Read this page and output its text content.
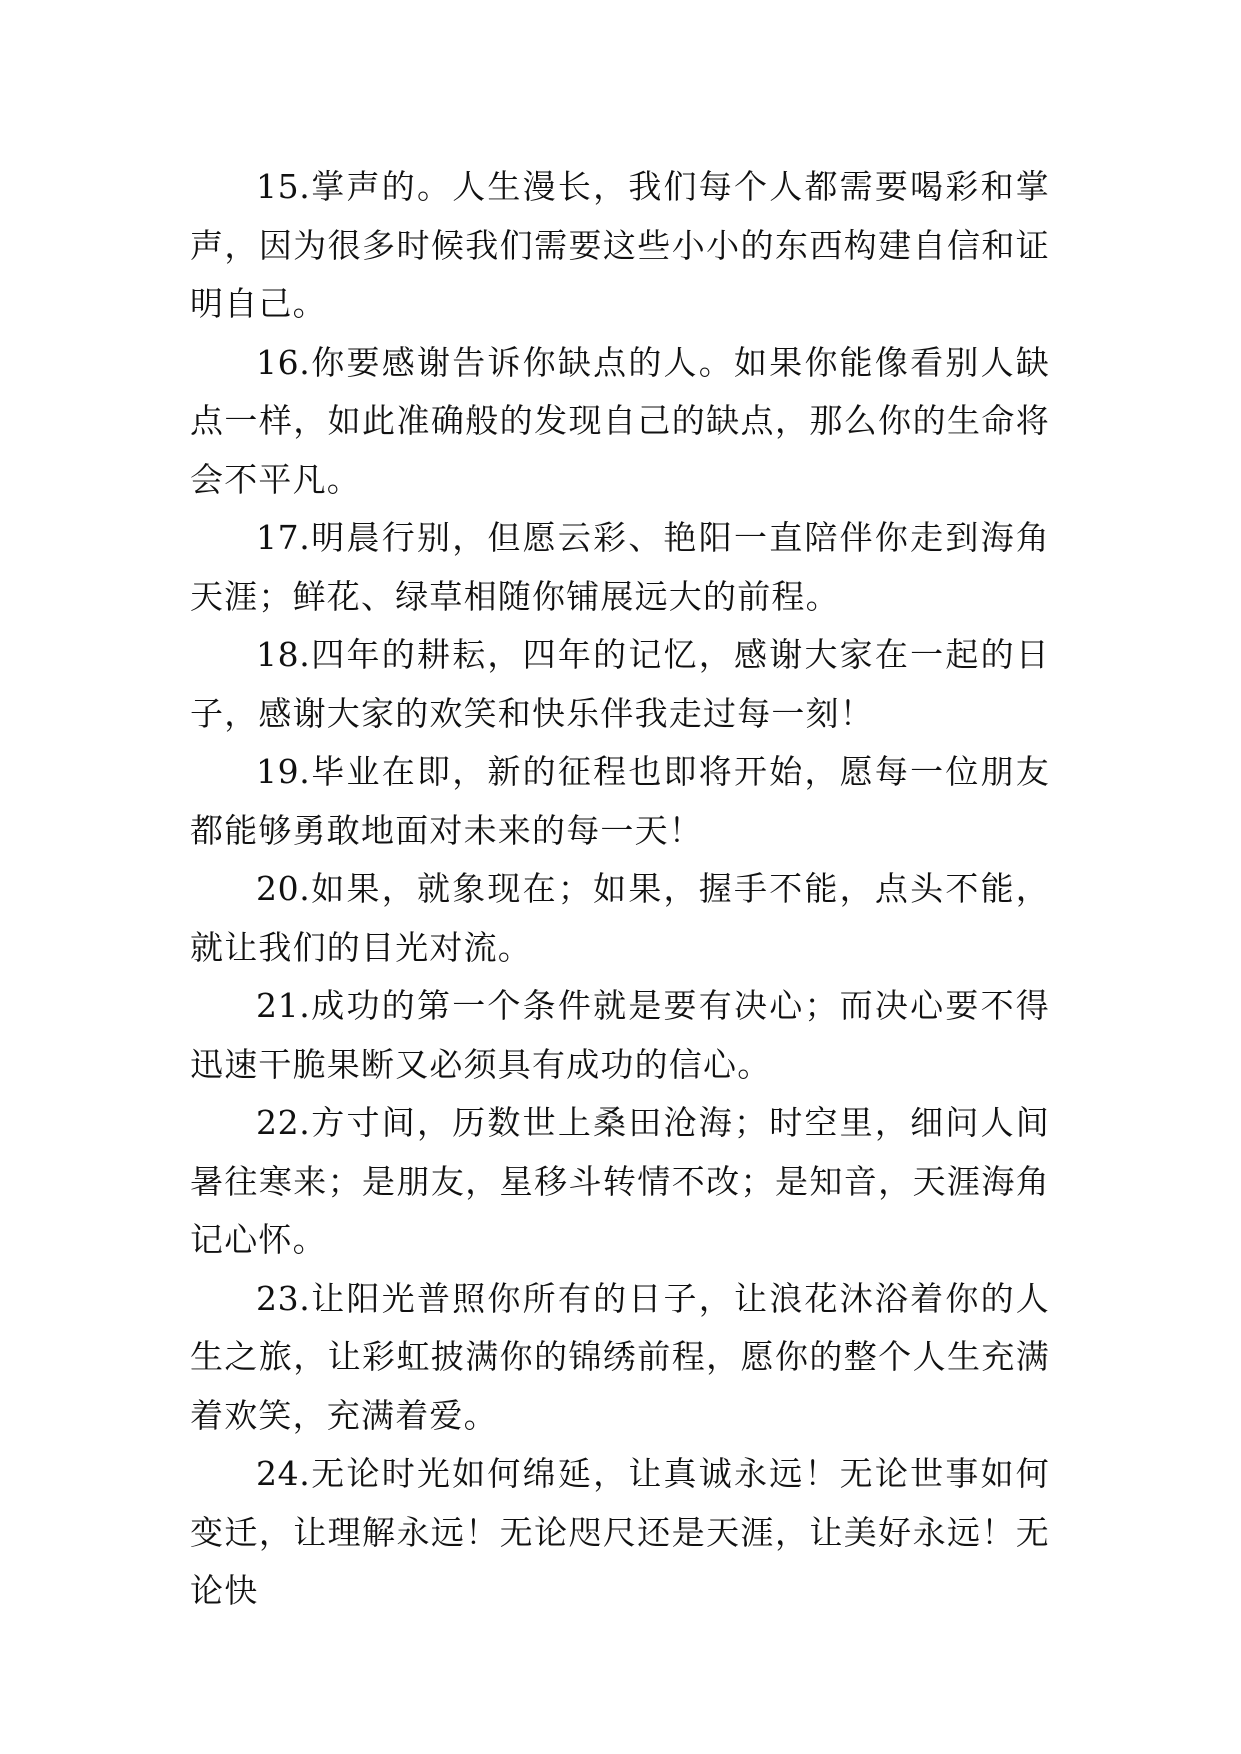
15.掌声的。人生漫长，我们每个人都需要喝彩和掌声，因为很多时候我们需要这些小小的东西构建自信和证明自己。

16.你要感谢告诉你缺点的人。如果你能像看别人缺点一样，如此准确般的发现自己的缺点，那么你的生命将会不平凡。

17.明晨行别，但愿云彩、艳阳一直陪伴你走到海角天涯；鲜花、绿草相随你铺展远大的前程。

18.四年的耕耘，四年的记忆，感谢大家在一起的日子，感谢大家的欢笑和快乐伴我走过每一刻！

19.毕业在即，新的征程也即将开始，愿每一位朋友都能够勇敢地面对未来的每一天！

20.如果，就象现在；如果，握手不能，点头不能，就让我们的目光对流。

21.成功的第一个条件就是要有决心；而决心要不得迅速干脆果断又必须具有成功的信心。

22.方寸间，历数世上桑田沧海；时空里，细问人间暑往寒来；是朋友，星移斗转情不改；是知音，天涯海角记心怀。

23.让阳光普照你所有的日子，让浪花沐浴着你的人生之旅，让彩虹披满你的锦绣前程，愿你的整个人生充满着欢笑，充满着爱。

24.无论时光如何绵延，让真诚永远！无论世事如何变迁，让理解永远！无论咫尺还是天涯，让美好永远！无论快
